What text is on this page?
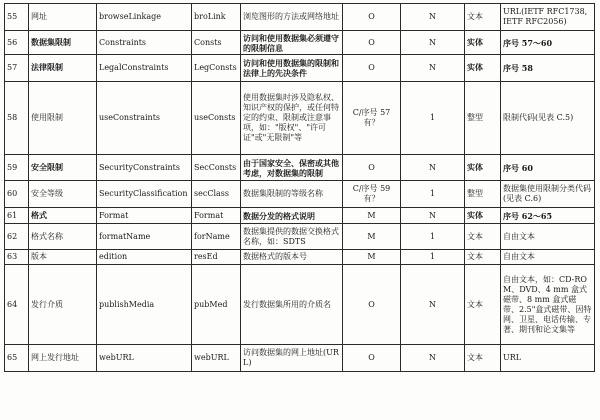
55	网址	browseLinkage	broLink	浏览图形的方法或网络地址	O	N	文本	URL(IETF RFC1738, IETF RFC2056)
56	数据集限制	Constraints	Consts	访问和使用数据集必须遵守的限制信息	O	N	实体	序号 57～60
57	法律限制	LegalConstraints	LegConsts	访问和使用数据集的限制和法律上的先决条件	O	N	实体	序号 58
58	使用限制	useConstraints	useConsts	使用数据集时涉及隐私权、知识产权的保护，或任何特定的约束、限制或注意事项，如："版权"、"许可证"或"无限制"等	C/序号 57 有？	1	整型	限制代码(见表 C.5)
59	安全限制	SecurityConstraints	SecConsts	由于国家安全、保密或其他考虑，对数据集的限制	O	N	实体	序号 60
60	安全等级	SecurityClassification	secClass	数据集限制的等级名称	C/序号 59 有？	1	整型	数据集使用限制分类代码(见表 C.6)
61	格式	Format	Format	数据分发的格式说明	M	N	实体	序号 62～65
62	格式名称	formatName	forName	数据集提供的数据交换格式名称，如：SDTS	M	1	文本	自由文本
63	版本	edition	resEd	数据格式的版本号	M	1	文本	自由文本
64	发行介质	publishMedia	pubMed	发行数据集所用的介质名	O	N	文本	自由文本，如：CD-ROM、DVD、4 mm 盒式磁带、8 mm 盒式磁带、2.5"盒式磁带、因特网、卫星、电话传输、专著、期刊和论文集等
65	网上发行地址	webURL	webURL	访问数据集的网上地址(URL)	O	N	文本	URL
